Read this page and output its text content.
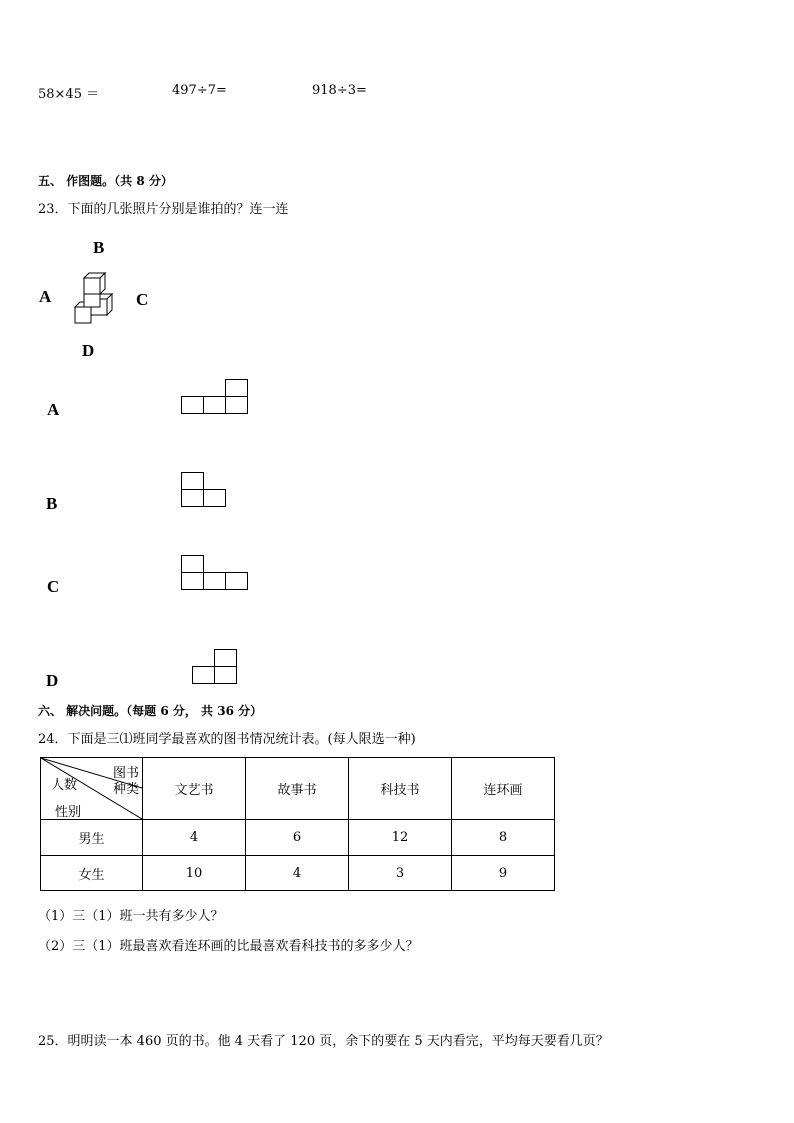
58×45 ＝	497÷7=	918÷3=
五、 作图题。（共 8 分）
23．下面的几张照片分别是谁拍的？连一连
B
A	C
D
A
B
C
D
六、 解决问题。（每题 6 分， 共 36 分）
24．下面是三⑴班同学最喜欢的图书情况统计表。(每人限选一种)
图书
种类
人数
性别	文艺书	故事书	科技书	连环画
男生	4	6	12	8
女生	10	4	3	9
（1）三（1）班一共有多少人？
（2）三（1）班最喜欢看连环画的比最喜欢看科技书的多多少人？
25．明明读一本 460 页的书。他 4 天看了 120 页，余下的要在 5 天内看完，平均每天要看几页？
